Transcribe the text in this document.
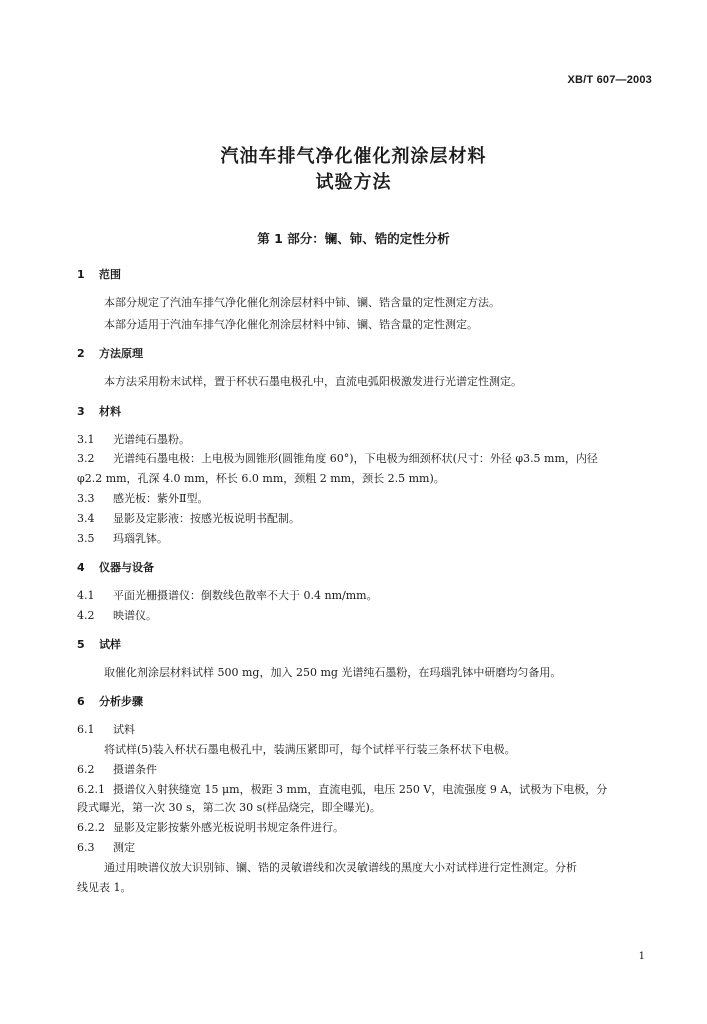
XB/T 607—2003
汽油车排气净化催化剂涂层材料
试验方法
第 1 部分：镧、铈、锆的定性分析
1 范围
本部分规定了汽油车排气净化催化剂涂层材料中铈、镧、锆含量的定性测定方法。
本部分适用于汽油车排气净化催化剂涂层材料中铈、镧、锆含量的定性测定。
2 方法原理
本方法采用粉末试样，置于杯状石墨电极孔中，直流电弧阳极激发进行光谱定性测定。
3 材料
3.1 光谱纯石墨粉。
3.2 光谱纯石墨电极：上电极为圆锥形(圆锥角度 60°)，下电极为细颈杯状(尺寸：外径 φ3.5 mm，内径
φ2.2 mm，孔深 4.0 mm，杯长 6.0 mm，颈粗 2 mm，颈长 2.5 mm)。
3.3 感光板：紫外Ⅱ型。
3.4 显影及定影液：按感光板说明书配制。
3.5 玛瑙乳钵。
4 仪器与设备
4.1 平面光栅摄谱仪：倒数线色散率不大于 0.4 nm/mm。
4.2 映谱仪。
5 试样
取催化剂涂层材料试样 500 mg，加入 250 mg 光谱纯石墨粉，在玛瑙乳钵中研磨均匀备用。
6 分析步骤
6.1 试料
将试样(5)装入杯状石墨电极孔中，装满压紧即可，每个试样平行装三条杯状下电极。
6.2 摄谱条件
6.2.1 摄谱仪入射狭缝宽 15 μm，极距 3 mm，直流电弧，电压 250 V，电流强度 9 A，试极为下电极，分
段式曝光，第一次 30 s，第二次 30 s(样品烧完，即全曝光)。
6.2.2 显影及定影按紫外感光板说明书规定条件进行。
6.3 测定
通过用映谱仪放大识别铈、镧、锆的灵敏谱线和次灵敏谱线的黑度大小对试样进行定性测定。分析
线见表 1。
1
